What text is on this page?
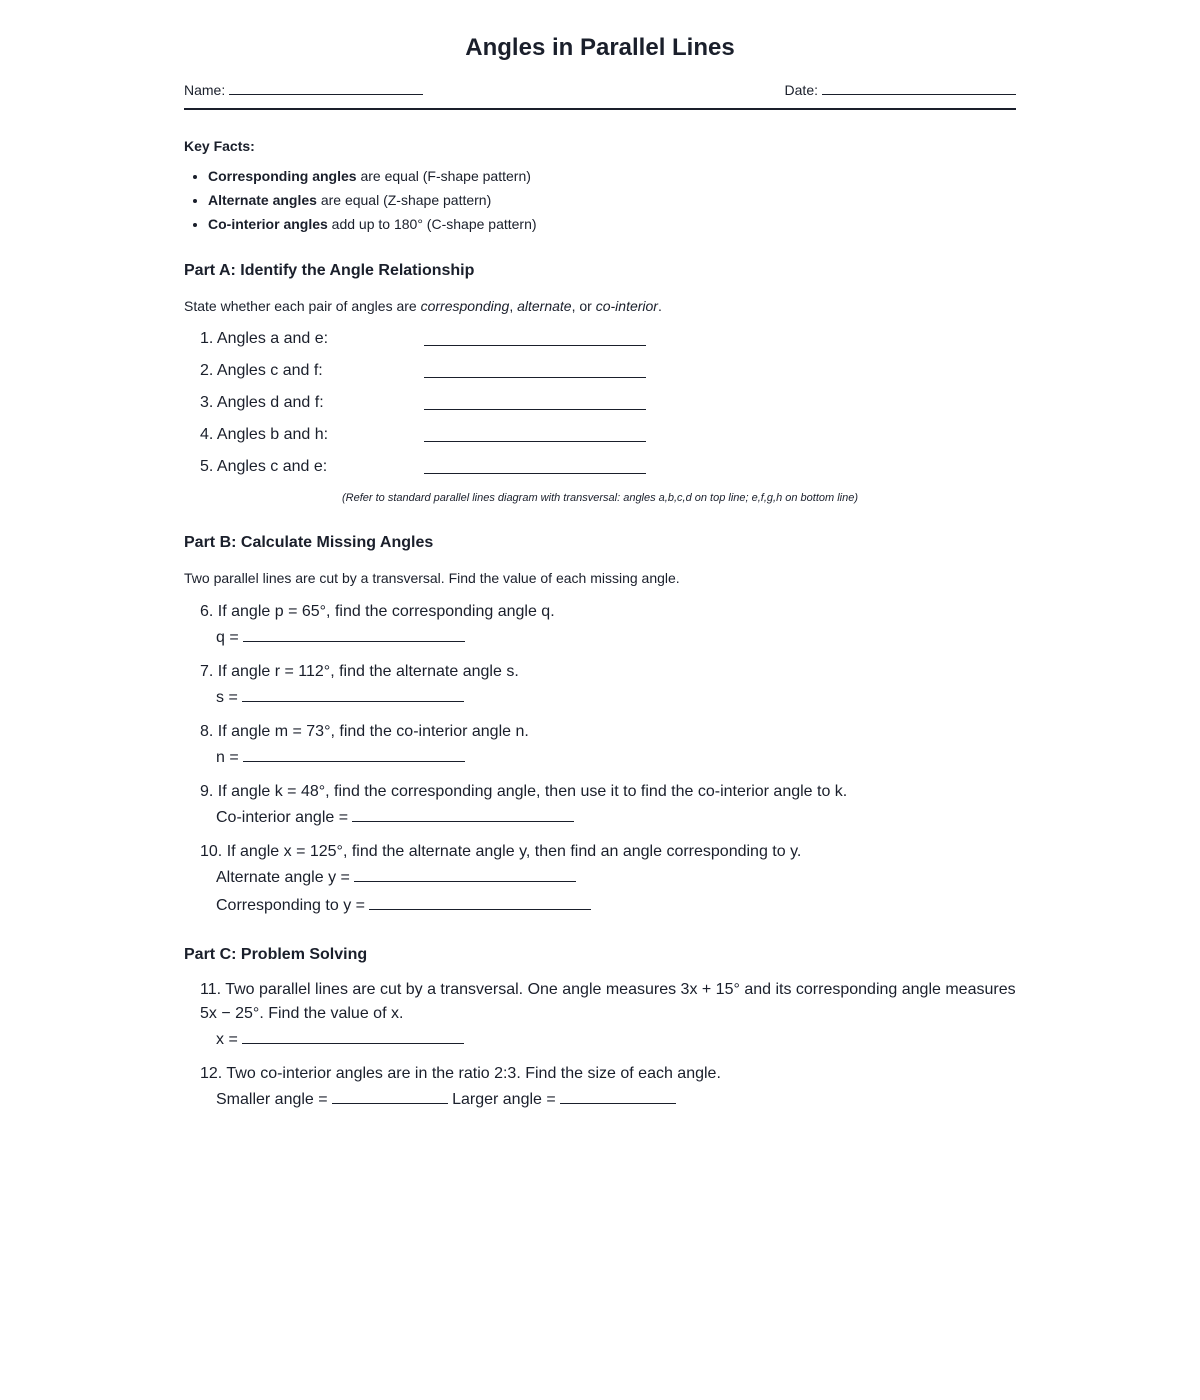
Angles in Parallel Lines
Name:	Date:
Key Facts:
• Corresponding angles are equal (F-shape pattern)
• Alternate angles are equal (Z-shape pattern)
• Co-interior angles add up to 180° (C-shape pattern)
Part A: Identify the Angle Relationship
State whether each pair of angles are corresponding, alternate, or co-interior.
1. Angles a and e:
2. Angles c and f:
3. Angles d and f:
4. Angles b and h:
5. Angles c and e:
(Refer to standard parallel lines diagram with transversal: angles a,b,c,d on top line; e,f,g,h on bottom line)
Part B: Calculate Missing Angles
Two parallel lines are cut by a transversal. Find the value of each missing angle.
6. If angle p = 65°, find the corresponding angle q.
q =
7. If angle r = 112°, find the alternate angle s.
s =
8. If angle m = 73°, find the co-interior angle n.
n =
9. If angle k = 48°, find the corresponding angle, then use it to find the co-interior angle to k.
Co-interior angle =
10. If angle x = 125°, find the alternate angle y, then find an angle corresponding to y.
Alternate angle y =
Corresponding to y =
Part C: Problem Solving
11. Two parallel lines are cut by a transversal. One angle measures 3x + 15° and its corresponding angle measures 5x − 25°. Find the value of x.
x =
12. Two co-interior angles are in the ratio 2:3. Find the size of each angle.
Smaller angle =	Larger angle =
